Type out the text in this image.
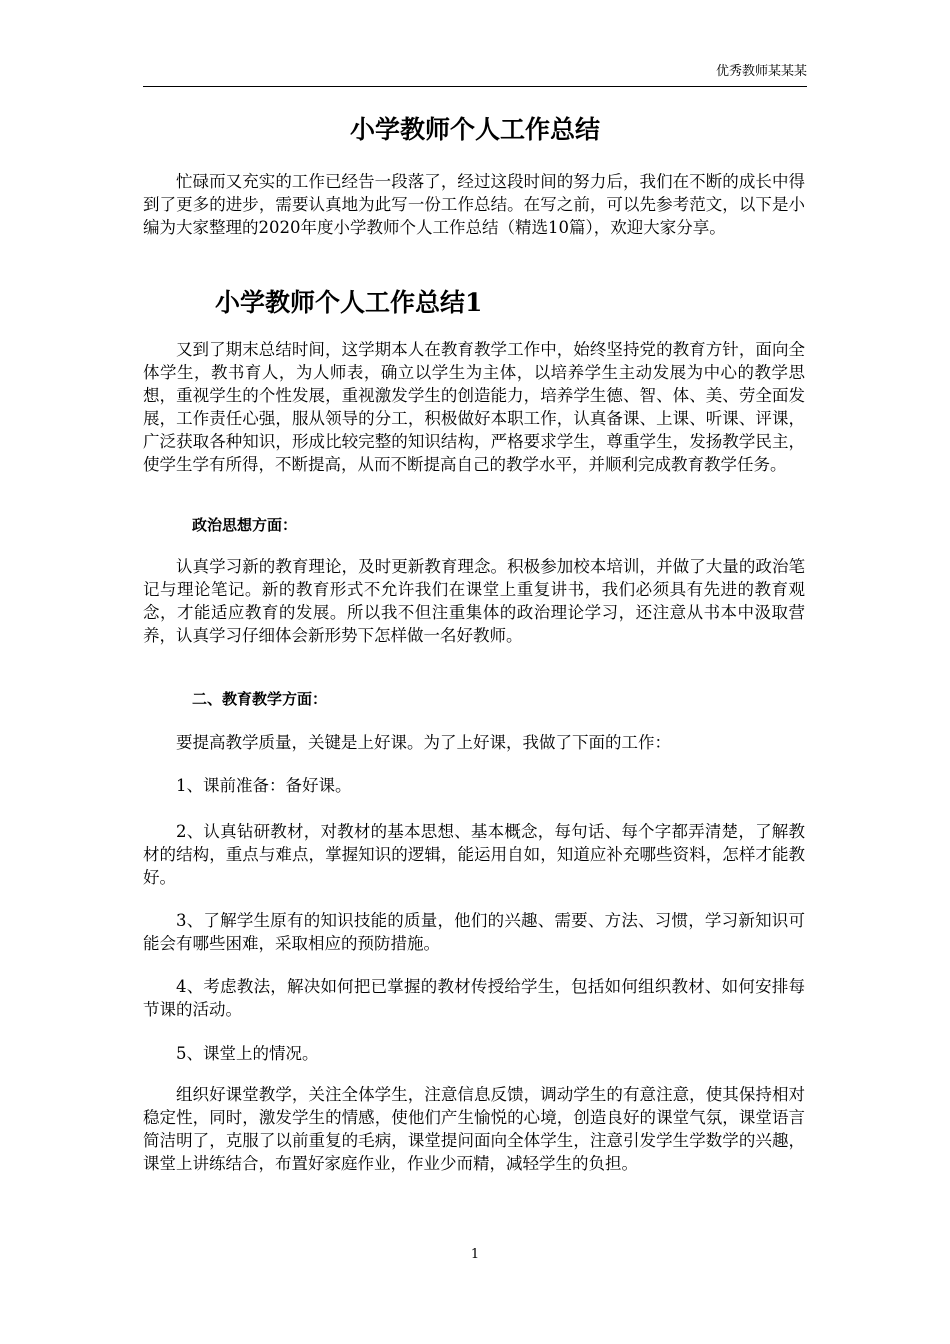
优秀教师某某某
小学教师个人工作总结

忙碌而又充实的工作已经告一段落了，经过这段时间的努力后，我们在不断的成长中得到了更多的进步，需要认真地为此写一份工作总结。在写之前，可以先参考范文，以下是小编为大家整理的2020年度小学教师个人工作总结（精选10篇），欢迎大家分享。

小学教师个人工作总结1

又到了期末总结时间，这学期本人在教育教学工作中，始终坚持党的教育方针，面向全体学生，教书育人，为人师表，确立以学生为主体，以培养学生主动发展为中心的教学思想，重视学生的个性发展，重视激发学生的创造能力，培养学生德、智、体、美、劳全面发展，工作责任心强，服从领导的分工，积极做好本职工作，认真备课、上课、听课、评课，广泛获取各种知识，形成比较完整的知识结构，严格要求学生，尊重学生，发扬教学民主，使学生学有所得，不断提高，从而不断提高自己的教学水平，并顺利完成教育教学任务。

政治思想方面：

认真学习新的教育理论，及时更新教育理念。积极参加校本培训，并做了大量的政治笔记与理论笔记。新的教育形式不允许我们在课堂上重复讲书，我们必须具有先进的教育观念，才能适应教育的发展。所以我不但注重集体的政治理论学习，还注意从书本中汲取营养，认真学习仔细体会新形势下怎样做一名好教师。

二、教育教学方面：

要提高教学质量，关键是上好课。为了上好课，我做了下面的工作：

1、课前准备：备好课。

2、认真钻研教材，对教材的基本思想、基本概念，每句话、每个字都弄清楚，了解教材的结构，重点与难点，掌握知识的逻辑，能运用自如，知道应补充哪些资料，怎样才能教好。

3、了解学生原有的知识技能的质量，他们的兴趣、需要、方法、习惯，学习新知识可能会有哪些困难，采取相应的预防措施。

4、考虑教法，解决如何把已掌握的教材传授给学生，包括如何组织教材、如何安排每节课的活动。

5、课堂上的情况。

组织好课堂教学，关注全体学生，注意信息反馈，调动学生的有意注意，使其保持相对稳定性，同时，激发学生的情感，使他们产生愉悦的心境，创造良好的课堂气氛，课堂语言简洁明了，克服了以前重复的毛病，课堂提问面向全体学生，注意引发学生学数学的兴趣，课堂上讲练结合，布置好家庭作业，作业少而精，减轻学生的负担。

1
